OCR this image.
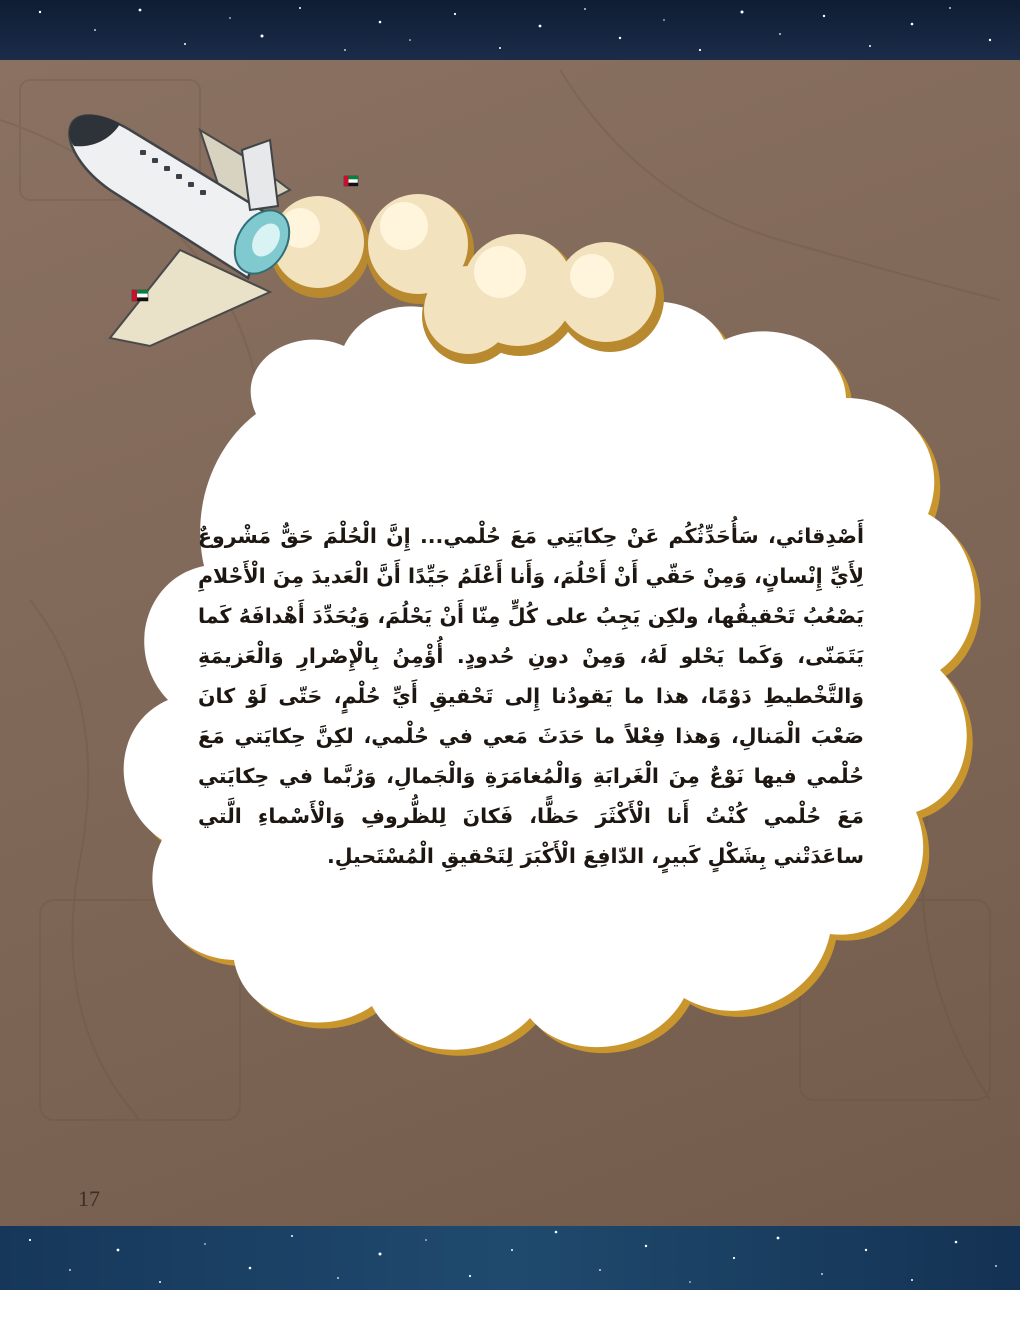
أَصْدِقائي، سَأُحَدِّثُكُم عَنْ حِكايَتِي مَعَ حُلْمي... إِنَّ الْحُلْمَ حَقٌّ مَشْروعٌ لِأَيِّ إِنْسانٍ، وَمِنْ حَقّي أَنْ أَحْلُمَ، وَأَنا أَعْلَمُ جَيِّدًا أَنَّ الْعَديدَ مِنَ الْأَحْلامِ يَصْعُبُ تَحْقيقُها، ولكِن يَجِبُ على كُلٍّ مِنّا أَنْ يَحْلُمَ، وَيُحَدِّدَ أَهْدافَهُ كَما يَتَمَنّى، وَكَما يَحْلو لَهُ، وَمِنْ دونِ حُدودٍ. أُؤْمِنُ بِالْإِصْرارِ وَالْعَزيمَةِ وَالتَّخْطيطِ دَوْمًا، هذا ما يَقودُنا إِلى تَحْقيقِ أَيِّ حُلْمٍ، حَتّى لَوْ كانَ صَعْبَ الْمَنالِ، وَهذا فِعْلاً ما حَدَثَ مَعي في حُلْمي، لكِنَّ حِكايَتي مَعَ حُلْمي فيها نَوْعٌ مِنَ الْغَرابَةِ وَالْمُغامَرَةِ وَالْجَمالِ، وَرُبَّما في حِكايَتي مَعَ حُلْمي كُنْتُ أَنا الْأَكْثَرَ حَظًّا، فَكانَ لِلظُّروفِ وَالْأَسْماءِ الَّتي ساعَدَتْني بِشَكْلٍ كَبيرٍ، الدّافِعَ الْأَكْبَرَ لِتَحْقيقِ الْمُسْتَحيلِ.
17
